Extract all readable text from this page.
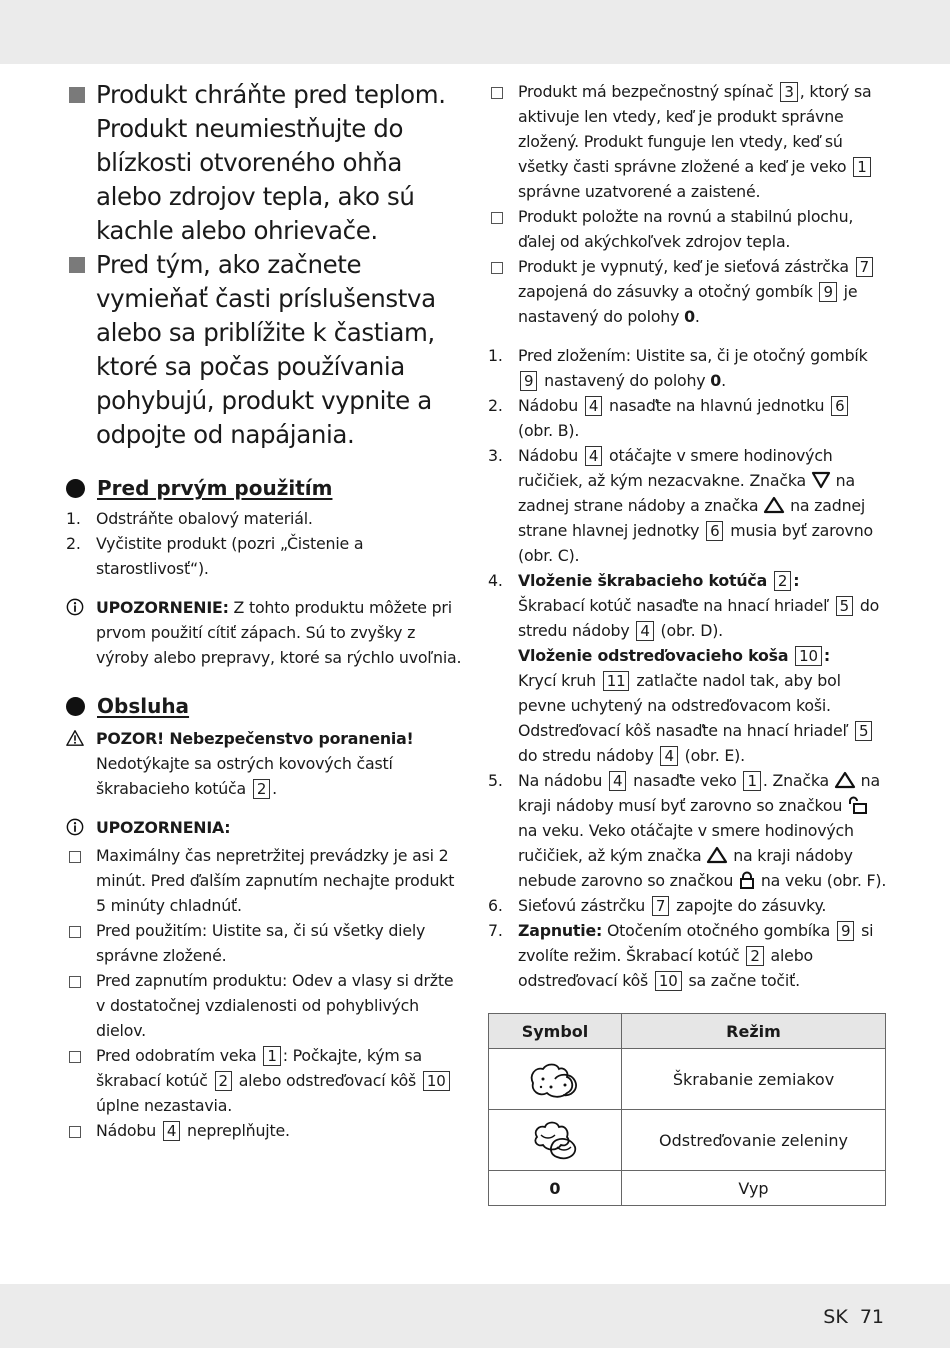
Produkt chráňte pred teplom. Produkt neumiestňujte do blízkosti otvoreného ohňa alebo zdrojov tepla, ako sú kachle alebo ohrievače.
Pred tým, ako začnete vymieňať časti príslušenstva alebo sa priblížite k častiam, ktoré sa počas používania pohybujú, produkt vypnite a odpojte od napájania.
Pred prvým použitím
1. Odstráňte obalový materiál.
2. Vyčistite produkt (pozri „Čistenie a starostlivosť“).
UPOZORNENIE: Z tohto produktu môžete pri prvom použití cítiť zápach. Sú to zvyšky z výroby alebo prepravy, ktoré sa rýchlo uvoľnia.
Obsluha
POZOR! Nebezpečenstvo poranenia!
Nedotýkajte sa ostrých kovových častí škrabacieho kotúča 2 .
UPOZORNENIA:
Maximálny čas nepretržitej prevádzky je asi 2 minút. Pred ďalším zapnutím nechajte produkt 5 minúty chladnúť.
Pred použitím: Uistite sa, či sú všetky diely správne zložené.
Pred zapnutím produktu: Odev a vlasy si držte v dostatočnej vzdialenosti od pohyblivých dielov.
Pred odobratím veka 1 : Počkajte, kým sa škrabací kotúč 2 alebo odstreďovací kôš 10 úplne nezastavia.
Nádobu 4 nepreplňujte.
Produkt má bezpečnostný spínač 3 , ktorý sa aktivuje len vtedy, keď je produkt správne zložený. Produkt funguje len vtedy, keď sú všetky časti správne zložené a keď je veko 1 správne uzatvorené a zaistené.
Produkt položte na rovnú a stabilnú plochu, ďalej od akýchkoľvek zdrojov tepla.
Produkt je vypnutý, keď je sieťová zástrčka 7 zapojená do zásuvky a otočný gombík 9 je nastavený do polohy 0.
1. Pred zložením: Uistite sa, či je otočný gombík 9 nastavený do polohy 0.
2. Nádobu 4 nasaďte na hlavnú jednotku 6 (obr. B).
3. Nádobu 4 otáčajte v smere hodinových ručičiek, až kým nezacvakne. Značka na zadnej strane nádoby a značka na zadnej strane hlavnej jednotky 6 musia byť zarovno (obr. C).
4. Vloženie škrabacieho kotúča 2 :
Škrabací kotúč nasaďte na hnací hriadeľ 5 do stredu nádoby 4 (obr. D).
Vloženie odstreďovacieho koša 10 :
Krycí kruh 11 zatlačte nadol tak, aby bol pevne uchytený na odstreďovacom koši. Odstreďovací kôš nasaďte na hnací hriadeľ 5 do stredu nádoby 4 (obr. E).
5. Na nádobu 4 nasaďte veko 1 . Značka na kraji nádoby musí byť zarovno so značkou  na veku. Veko otáčajte v smere hodinových ručičiek, až kým značka na kraji nádoby nebude zarovno so značkou na veku (obr. F).
6. Sieťovú zástrčku 7 zapojte do zásuvky.
7. Zapnutie: Otočením otočného gombíka 9 si zvolíte režim. Škrabací kotúč 2 alebo odstreďovací kôš 10 sa začne točiť.
Symbol	Režim
	Škrabanie zemiakov
	Odstreďovanie zeleniny
0	Vyp
SK 71
